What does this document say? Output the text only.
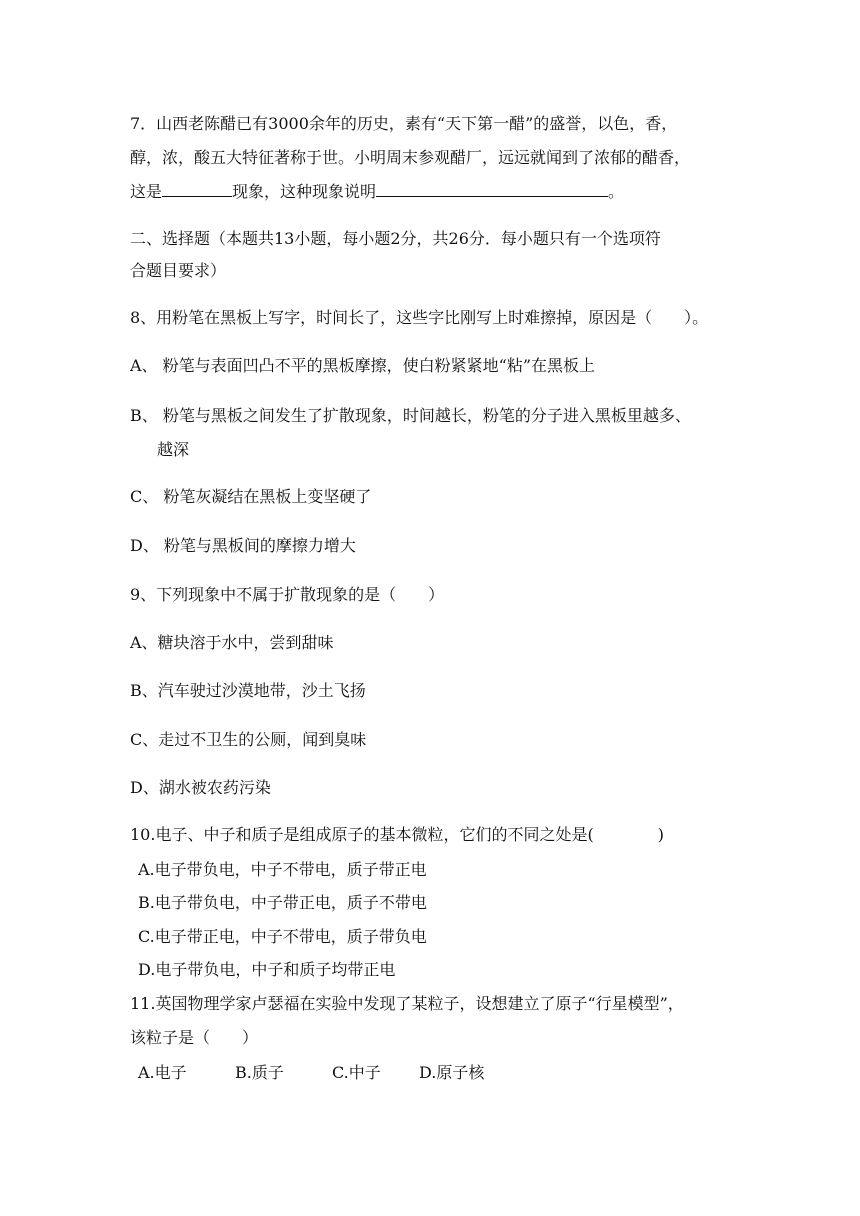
7．山西老陈醋已有3000余年的历史，素有“天下第一醋”的盛誉，以色，香，
醇，浓，酸五大特征著称于世。小明周末参观醋厂，远远就闻到了浓郁的醋香，
这是	现象，这种现象说明	。
二、选择题（本题共13小题，每小题2分，共26分．每小题只有一个选项符
合题目要求）
8、用粉笔在黑板上写字，时间长了，这些字比刚写上时难擦掉，原因是（　　）。
A、 粉笔与表面凹凸不平的黑板摩擦，使白粉紧紧地“粘”在黑板上
B、 粉笔与黑板之间发生了扩散现象，时间越长，粉笔的分子进入黑板里越多、
越深
C、 粉笔灰凝结在黑板上变坚硬了
D、 粉笔与黑板间的摩擦力增大
9、下列现象中不属于扩散现象的是（　　）
A、糖块溶于水中，尝到甜味
B、汽车驶过沙漠地带，沙土飞扬
C、走过不卫生的公厕，闻到臭味
D、湖水被农药污染
10.电子、中子和质子是组成原子的基本微粒，它们的不同之处是(　　　　)
A.电子带负电，中子不带电，质子带正电
B.电子带负电，中子带正电，质子不带电
C.电子带正电，中子不带电，质子带负电
D.电子带负电，中子和质子均带正电
11.英国物理学家卢瑟福在实验中发现了某粒子，设想建立了原子“行星模型”，
该粒子是（　　）
A.电子	B.质子	C.中子 D.原子核
